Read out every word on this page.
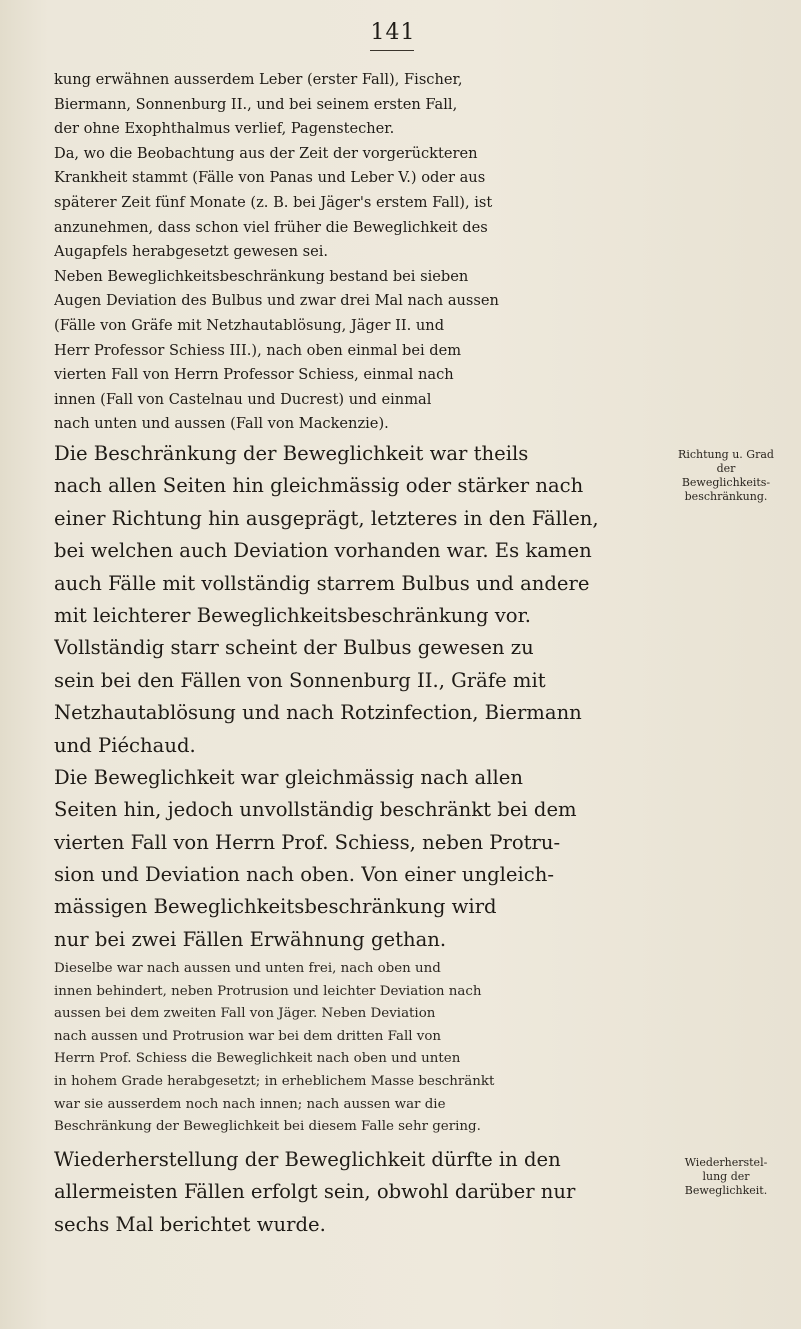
141
kung erwähnen ausserdem Leber (erster Fall), Fischer,
Biermann, Sonnenburg II., und bei seinem ersten Fall,
der ohne Exophthalmus verlief, Pagenstecher.
Da, wo die Beobachtung aus der Zeit der vorgerückteren
Krankheit stammt (Fälle von Panas und Leber V.) oder aus
späterer Zeit fünf Monate (z. B. bei Jäger's erstem Fall), ist
anzunehmen, dass schon viel früher die Beweglichkeit des
Augapfels herabgesetzt gewesen sei.
Neben Beweglichkeitsbeschränkung bestand bei sieben
Augen Deviation des Bulbus und zwar drei Mal nach aussen
(Fälle von Gräfe mit Netzhautablösung, Jäger II. und
Herr Professor Schiess III.), nach oben einmal bei dem
vierten Fall von Herrn Professor Schiess, einmal nach
innen (Fall von Castelnau und Ducrest) und einmal
nach unten und aussen (Fall von Mackenzie).
Die Beschränkung der Beweglichkeit war theils
nach allen Seiten hin gleichmässig oder stärker nach
einer Richtung hin ausgeprägt, letzteres in den Fällen,
bei welchen auch Deviation vorhanden war. Es kamen
auch Fälle mit vollständig starrem Bulbus und andere
mit leichterer Beweglichkeitsbeschränkung vor.
Vollständig starr scheint der Bulbus gewesen zu
sein bei den Fällen von Sonnenburg II., Gräfe mit
Netzhautablösung und nach Rotzinfection, Biermann
und Piéchaud.
Die Beweglichkeit war gleichmässig nach allen
Seiten hin, jedoch unvollständig beschränkt bei dem
vierten Fall von Herrn Prof. Schiess, neben Protru-
sion und Deviation nach oben. Von einer ungleich-
mässigen Beweglichkeitsbeschränkung wird
nur bei zwei Fällen Erwähnung gethan.
Dieselbe war nach aussen und unten frei, nach oben und
innen behindert, neben Protrusion und leichter Deviation nach
aussen bei dem zweiten Fall von Jäger. Neben Deviation
nach aussen und Protrusion war bei dem dritten Fall von
Herrn Prof. Schiess die Beweglichkeit nach oben und unten
in hohem Grade herabgesetzt; in erheblichem Masse beschränkt
war sie ausserdem noch nach innen; nach aussen war die
Beschränkung der Beweglichkeit bei diesem Falle sehr gering.
Wiederherstellung der Beweglichkeit dürfte in den
allermeisten Fällen erfolgt sein, obwohl darüber nur
sechs Mal berichtet wurde.
Richtung u. Grad
der
Beweglichkeits-
beschränkung.
Wiederherstel-
lung der
Beweglichkeit.
